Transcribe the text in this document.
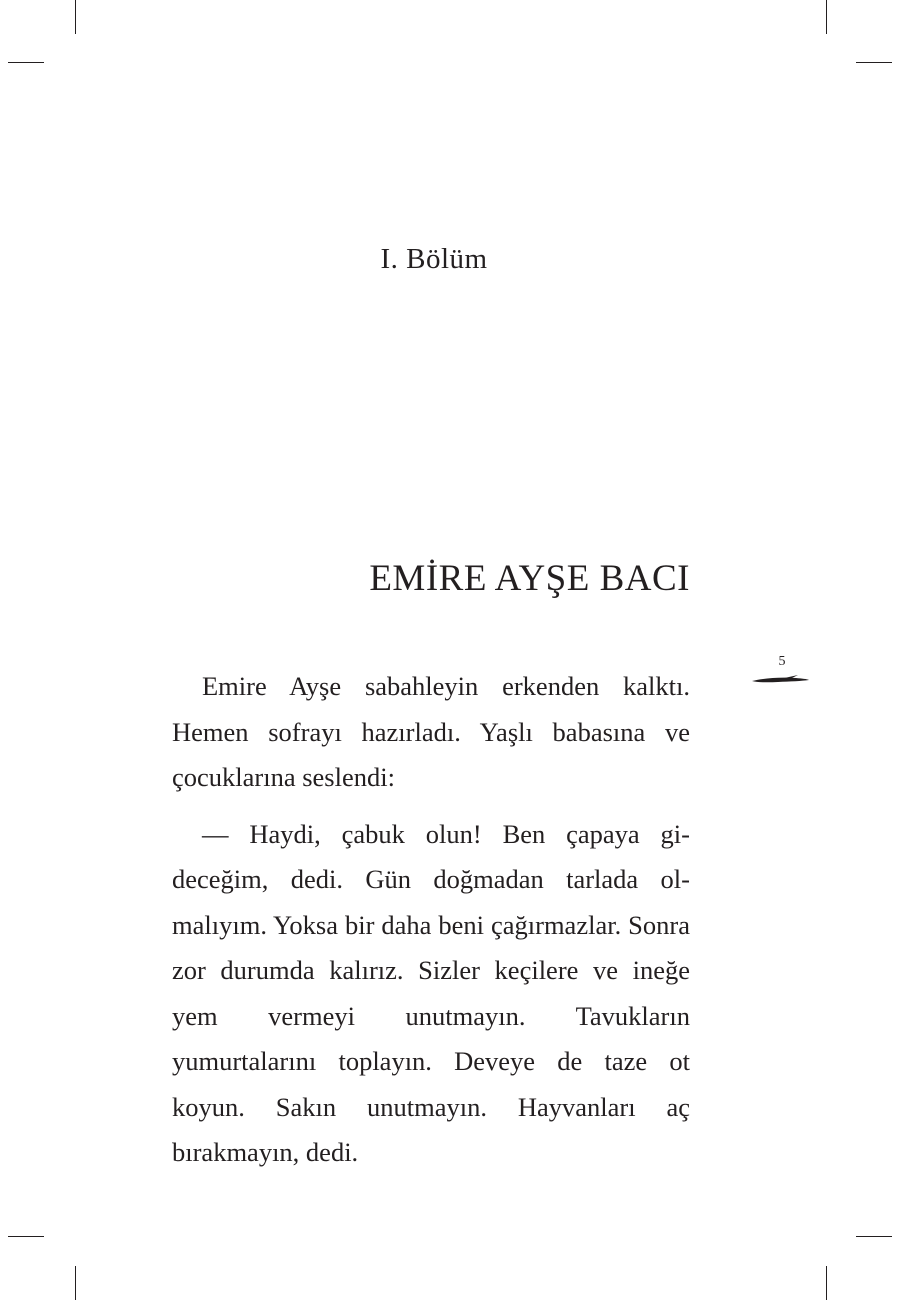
I. Bölüm
EMİRE AYŞE BACI
5

Emire Ayşe sabahleyin erkenden kalktı. Hemen sofrayı hazırladı. Yaşlı babasına ve çocuklarına seslendi:

— Haydi, çabuk olun! Ben çapaya gideceğim, dedi. Gün doğmadan tarlada olmalıyım. Yoksa bir daha beni çağırmazlar. Sonra zor durumda kalırız. Sizler keçilere ve ineğe yem vermeyi unutmayın. Tavukların yumurtalarını toplayın. Deveye de taze ot koyun. Sakın unutmayın. Hayvanları aç bırakmayın, dedi.
